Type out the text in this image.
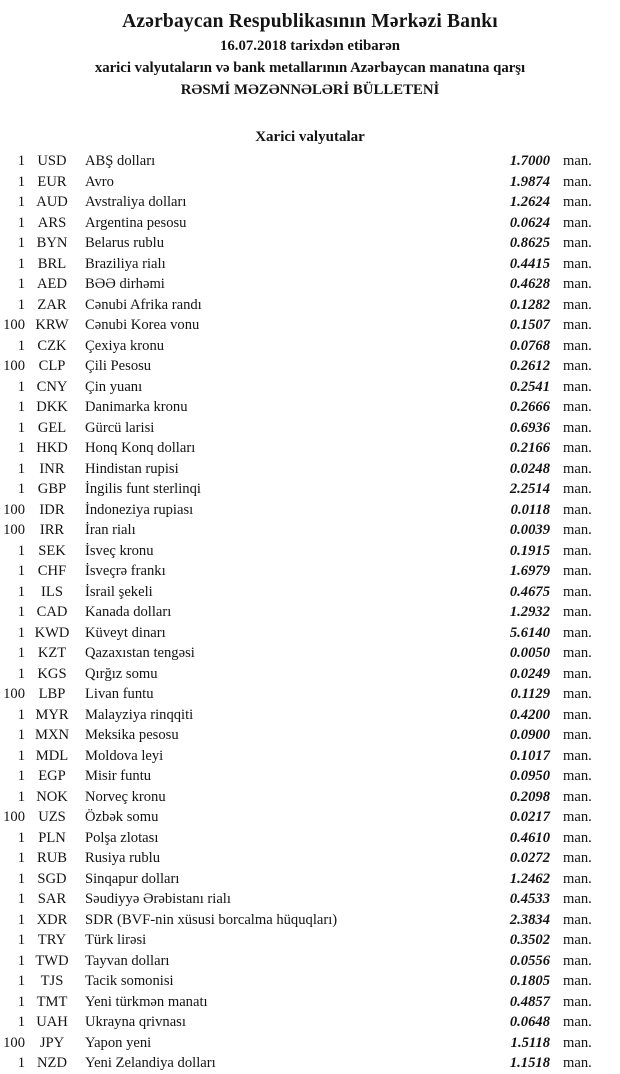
Azərbaycan Respublikasının Mərkəzi Bankı
16.07.2018 tarixdən etibarən
xarici valyutaların və bank metallarının Azərbaycan manatına qarşı
RƏSMİ MƏZƏNNƏLƏRİ BÜLLETENİ
Xarici valyutalar
1 USD	ABŞ dolları	1.7000 man.
1 EUR	Avro	1.9874 man.
1 AUD	Avstraliya dolları	1.2624 man.
1 ARS	Argentina pesosu	0.0624 man.
1 BYN	Belarus rublu	0.8625 man.
1 BRL	Braziliya rialı	0.4415 man.
1 AED	BƏƏ dirhəmi	0.4628 man.
1 ZAR	Cənubi Afrika randı	0.1282 man.
100 KRW	Cənubi Korea vonu	0.1507 man.
1 CZK	Çexiya kronu	0.0768 man.
100 CLP	Çili Pesosu	0.2612 man.
1 CNY	Çin yuanı	0.2541 man.
1 DKK	Danimarka kronu	0.2666 man.
1 GEL	Gürcü larisi	0.6936 man.
1 HKD	Honq Konq dolları	0.2166 man.
1 INR	Hindistan rupisi	0.0248 man.
1 GBP	İngilis funt sterlinqi	2.2514 man.
100 IDR	İndoneziya rupiası	0.0118 man.
100	IRR	İran rialı	0.0039 man.
1 SEK	İsveç kronu	0.1915 man.
1 CHF	İsveçrə frankı	1.6979 man.
1	ILS	İsrail şekeli	0.4675 man.
1 CAD	Kanada dolları	1.2932 man.
1 KWD	Küveyt dinarı	5.6140 man.
1 KZT	Qazaxıstan tengəsi	0.0050 man.
1 KGS	Qırğız somu	0.0249 man.
100 LBP	Livan funtu	0.1129 man.
1 MYR	Malayziya rinqqiti	0.4200 man.
1 MXN	Meksika pesosu	0.0900 man.
1 MDL	Moldova leyi	0.1017 man.
1 EGP	Misir funtu	0.0950 man.
1 NOK	Norveç kronu	0.2098 man.
100 UZS	Özbək somu	0.0217 man.
1 PLN	Polşa zlotası	0.4610 man.
1 RUB	Rusiya rublu	0.0272 man.
1 SGD	Sinqapur dolları	1.2462 man.
1 SAR	Səudiyyə Ərəbistanı rialı	0.4533 man.
1 XDR	SDR (BVF-nin xüsusi borcalma hüquqları)	2.3834 man.
1 TRY	Türk lirəsi	0.3502 man.
1 TWD	Tayvan dolları	0.0556 man.
1	TJS	Tacik somonisi	0.1805 man.
1 TMT	Yeni türkmən manatı	0.4857 man.
1 UAH	Ukrayna qrivnası	0.0648 man.
100	JPY	Yapon yeni	1.5118 man.
1 NZD	Yeni Zelandiya dolları	1.1518 man.
